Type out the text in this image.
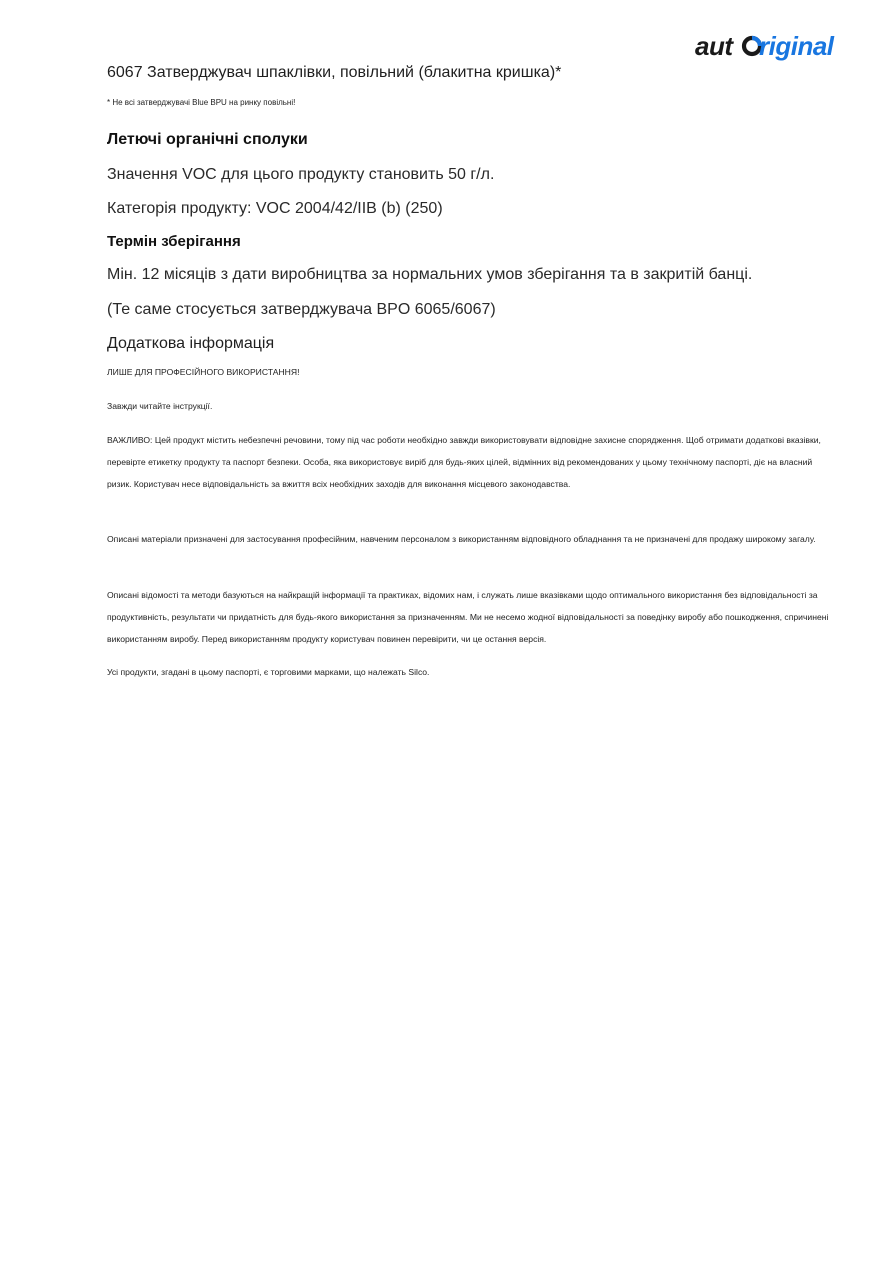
aut riginal
6067 Затверджувач шпаклівки, повільний (блакитна кришка)*
* Не всі затверджувачі Blue BPU на ринку повільні!
Летючі органічні сполуки
Значення VOC для цього продукту становить 50 г/л.
Категорія продукту: VOC 2004/42/IIB (b) (250)
Термін зберігання
Мін. 12 місяців з дати виробництва за нормальних умов зберігання та в закритій банці.
(Те саме стосується затверджувача BPO 6065/6067)
Додаткова інформація
ЛИШЕ ДЛЯ ПРОФЕСІЙНОГО ВИКОРИСТАННЯ!
Завжди читайте інструкції.
ВАЖЛИВО: Цей продукт містить небезпечні речовини, тому під час роботи необхідно завжди використовувати відповідне захисне спорядження. Щоб отримати додаткові вказівки, перевірте етикетку продукту та паспорт безпеки. Особа, яка використовує виріб для будь-яких цілей, відмінних від рекомендованих у цьому технічному паспорті, діє на власний ризик. Користувач несе відповідальність за вжиття всіх необхідних заходів для виконання місцевого законодавства.
Описані матеріали призначені для застосування професійним, навченим персоналом з використанням відповідного обладнання та не призначені для продажу широкому загалу.
Описані відомості та методи базуються на найкращій інформації та практиках, відомих нам, і служать лише вказівками щодо оптимального використання без відповідальності за продуктивність, результати чи придатність для будь-якого використання за призначенням. Ми не несемо жодної відповідальності за поведінку виробу або пошкодження, спричинені використанням виробу. Перед використанням продукту користувач повинен перевірити, чи це остання версія.
Усі продукти, згадані в цьому паспорті, є торговими марками, що належать Silco.
